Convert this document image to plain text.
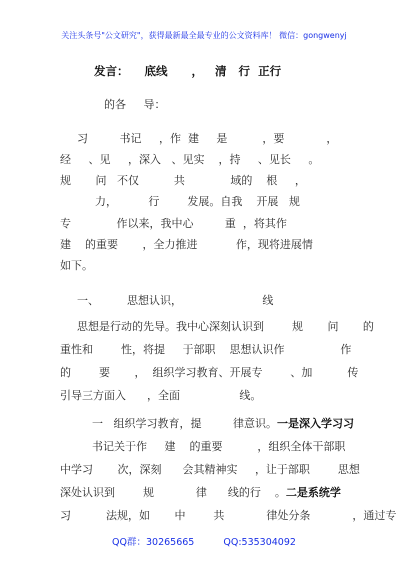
关注头条号"公文研究"，获得最新最全最专业的公文资料库！ 微信：gongwenyj
发言：    底线      ，   清   行  正行
的各     导：
习         书记     ，作  建     是          ，要            ，
经     、见     ，深入   、见实    ，持     、见长     。
规       问   不仅          共             域的    根     ，
力，         行        发展。自我    开展   规
专             作以来，我中心         重  ，将其作
建    的重要       ，全力推进           作，现将进展情
如下。
一、        思想认识，                       线
思想是行动的先导。我中心深刻认识到        规       问       的
重性和        性，将提     于部职    思想认识作                作
的        要       ，  组织学习教育、开展专        、加          传
引导三方面入      ，全面                 线。
一   组织学习教育，提         律意识。一是深入学习习
书记关于作     建    的重要          ，组织全体干部职
中学习       次，深刻      会其精神实     ，让于部职        思想
深处认识到        规            律      线的行    。二是系统学
习          法规，如       中        共            律处分条            ，通过专
QQ群：30265665	QQ:535304092
